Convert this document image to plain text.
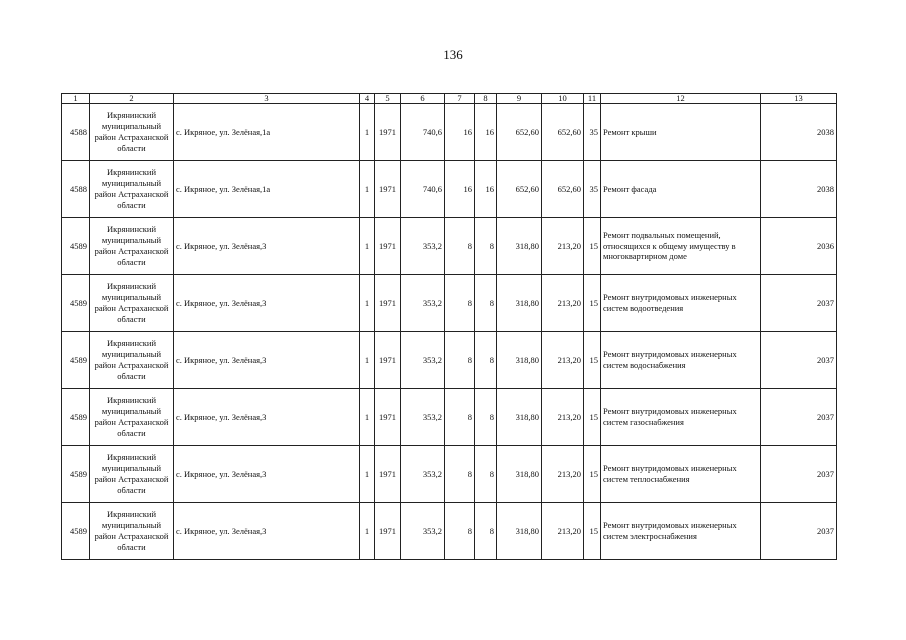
136
1	2	3	4	5	6	7	8	9	10	11	12	13
4588	Икрянинский муниципальный район Астраханской области	с. Икряное, ул. Зелёная,1а	1	1971	740,6	16	16	652,60	652,60	35	Ремонт крыши	2038
4588	Икрянинский муниципальный район Астраханской области	с. Икряное, ул. Зелёная,1а	1	1971	740,6	16	16	652,60	652,60	35	Ремонт фасада	2038
4589	Икрянинский муниципальный район Астраханской области	с. Икряное, ул. Зелёная,3	1	1971	353,2	8	8	318,80	213,20	15	Ремонт подвальных помещений, относящихся к общему имуществу в многоквартирном доме	2036
4589	Икрянинский муниципальный район Астраханской области	с. Икряное, ул. Зелёная,3	1	1971	353,2	8	8	318,80	213,20	15	Ремонт внутридомовых инженерных систем водоотведения	2037
4589	Икрянинский муниципальный район Астраханской области	с. Икряное, ул. Зелёная,3	1	1971	353,2	8	8	318,80	213,20	15	Ремонт внутридомовых инженерных систем водоснабжения	2037
4589	Икрянинский муниципальный район Астраханской области	с. Икряное, ул. Зелёная,3	1	1971	353,2	8	8	318,80	213,20	15	Ремонт внутридомовых инженерных систем газоснабжения	2037
4589	Икрянинский муниципальный район Астраханской области	с. Икряное, ул. Зелёная,3	1	1971	353,2	8	8	318,80	213,20	15	Ремонт внутридомовых инженерных систем теплоснабжения	2037
4589	Икрянинский муниципальный район Астраханской области	с. Икряное, ул. Зелёная,3	1	1971	353,2	8	8	318,80	213,20	15	Ремонт внутридомовых инженерных систем электроснабжения	2037
